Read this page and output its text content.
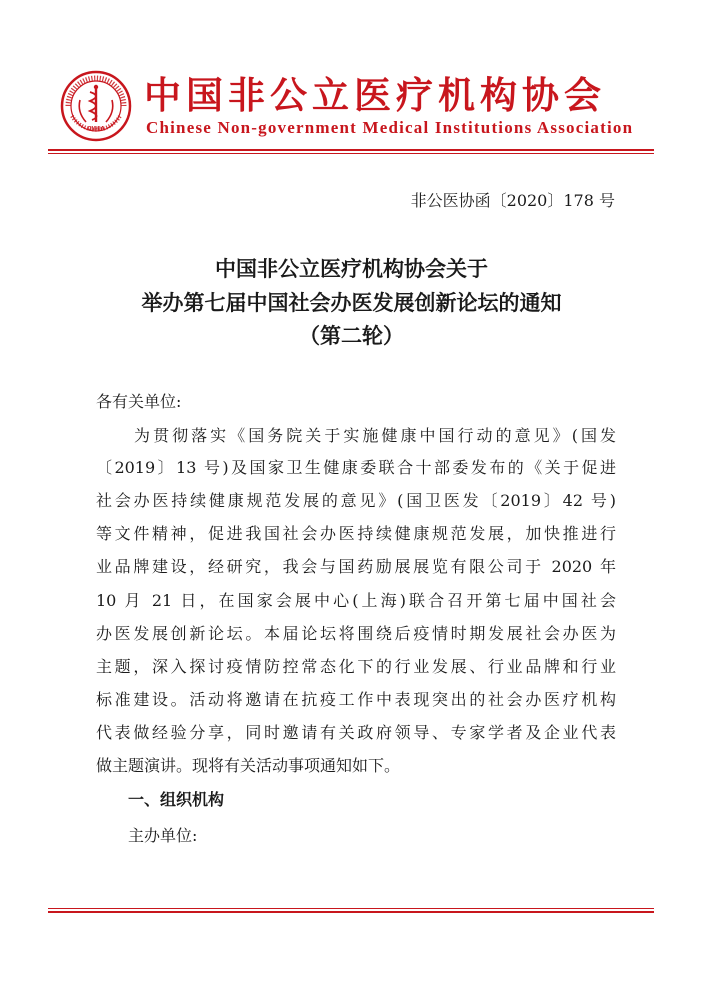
CNMIA
中国非公立医疗机构协会
Chinese Non-government Medical Institutions Association
非公医协函〔2020〕178 号
中国非公立医疗机构协会关于
举办第七届中国社会办医发展创新论坛的通知
（第二轮）
各有关单位:
　　为贯彻落实《国务院关于实施健康中国行动的意见》(国发
〔2019〕13 号)及国家卫生健康委联合十部委发布的《关于促进
社会办医持续健康规范发展的意见》(国卫医发〔2019〕42 号)
等文件精神，促进我国社会办医持续健康规范发展，加快推进行
业品牌建设，经研究，我会与国药励展展览有限公司于 2020 年
10 月 21 日，在国家会展中心(上海)联合召开第七届中国社会
办医发展创新论坛。本届论坛将围绕后疫情时期发展社会办医为
主题，深入探讨疫情防控常态化下的行业发展、行业品牌和行业
标准建设。活动将邀请在抗疫工作中表现突出的社会办医疗机构
代表做经验分享，同时邀请有关政府领导、专家学者及企业代表
做主题演讲。现将有关活动事项通知如下。
　　一、组织机构
　　主办单位:
